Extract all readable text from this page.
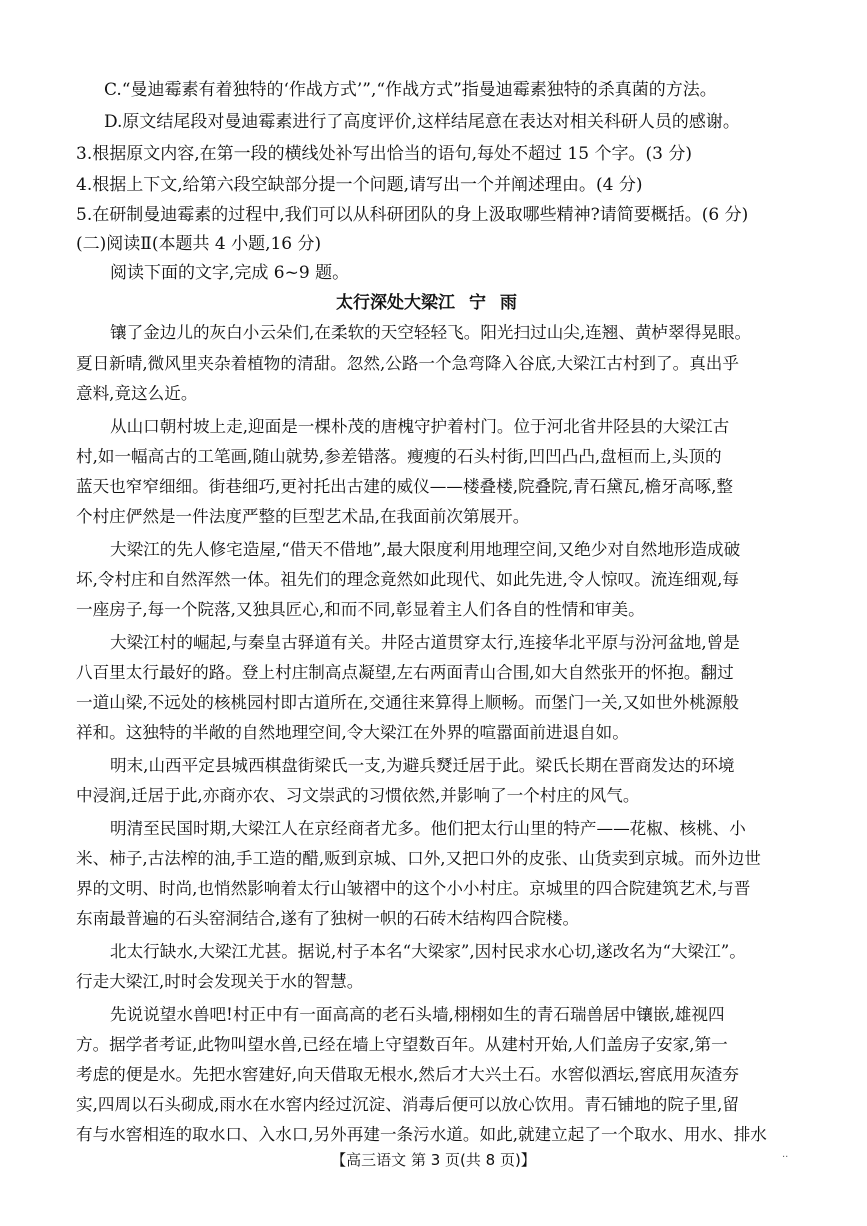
C.“曼迪霉素有着独特的‘作战方式’”,“作战方式”指曼迪霉素独特的杀真菌的方法。
D.原文结尾段对曼迪霉素进行了高度评价,这样结尾意在表达对相关科研人员的感谢。
3.根据原文内容,在第一段的横线处补写出恰当的语句,每处不超过 15 个字。(3 分)
4.根据上下文,给第六段空缺部分提一个问题,请写出一个并阐述理由。(4 分)
5.在研制曼迪霉素的过程中,我们可以从科研团队的身上汲取哪些精神?请简要概括。(6 分)
(二)阅读Ⅱ(本题共 4 小题,16 分)
阅读下面的文字,完成 6~9 题。
太行深处大梁江 宁雨
镶了金边儿的灰白小云朵们,在柔软的天空轻轻飞。阳光扫过山尖,连翘、黄栌翠得晃眼。
夏日新晴,微风里夹杂着植物的清甜。忽然,公路一个急弯降入谷底,大梁江古村到了。真出乎
意料,竟这么近。
从山口朝村坡上走,迎面是一棵朴茂的唐槐守护着村门。位于河北省井陉县的大梁江古
村,如一幅高古的工笔画,随山就势,参差错落。瘦瘦的石头村街,凹凹凸凸,盘桓而上,头顶的
蓝天也窄窄细细。街巷细巧,更衬托出古建的威仪——楼叠楼,院叠院,青石黛瓦,檐牙高啄,整
个村庄俨然是一件法度严整的巨型艺术品,在我面前次第展开。
大梁江的先人修宅造屋,“借天不借地”,最大限度利用地理空间,又绝少对自然地形造成破
坏,令村庄和自然浑然一体。祖先们的理念竟然如此现代、如此先进,令人惊叹。流连细观,每
一座房子,每一个院落,又独具匠心,和而不同,彰显着主人们各自的性情和审美。
大梁江村的崛起,与秦皇古驿道有关。井陉古道贯穿太行,连接华北平原与汾河盆地,曾是
八百里太行最好的路。登上村庄制高点凝望,左右两面青山合围,如大自然张开的怀抱。翻过
一道山梁,不远处的核桃园村即古道所在,交通往来算得上顺畅。而堡门一关,又如世外桃源般
祥和。这独特的半敞的自然地理空间,令大梁江在外界的喧嚣面前进退自如。
明末,山西平定县城西棋盘街梁氏一支,为避兵燹迁居于此。梁氏长期在晋商发达的环境
中浸润,迁居于此,亦商亦农、习文崇武的习惯依然,并影响了一个村庄的风气。
明清至民国时期,大梁江人在京经商者尤多。他们把太行山里的特产——花椒、核桃、小
米、柿子,古法榨的油,手工造的醋,贩到京城、口外,又把口外的皮张、山货卖到京城。而外边世
界的文明、时尚,也悄然影响着太行山皱褶中的这个小小村庄。京城里的四合院建筑艺术,与晋
东南最普遍的石头窑洞结合,遂有了独树一帜的石砖木结构四合院楼。
北太行缺水,大梁江尤甚。据说,村子本名“大梁家”,因村民求水心切,遂改名为“大梁江”。
行走大梁江,时时会发现关于水的智慧。
先说说望水兽吧!村正中有一面高高的老石头墙,栩栩如生的青石瑞兽居中镶嵌,雄视四
方。据学者考证,此物叫望水兽,已经在墙上守望数百年。从建村开始,人们盖房子安家,第一
考虑的便是水。先把水窖建好,向天借取无根水,然后才大兴土石。水窖似酒坛,窖底用灰渣夯
实,四周以石头砌成,雨水在水窖内经过沉淀、消毒后便可以放心饮用。青石铺地的院子里,留
有与水窖相连的取水口、入水口,另外再建一条污水道。如此,就建立起了一个取水、用水、排水
【高三语文 第 3 页(共 8 页)】	··
